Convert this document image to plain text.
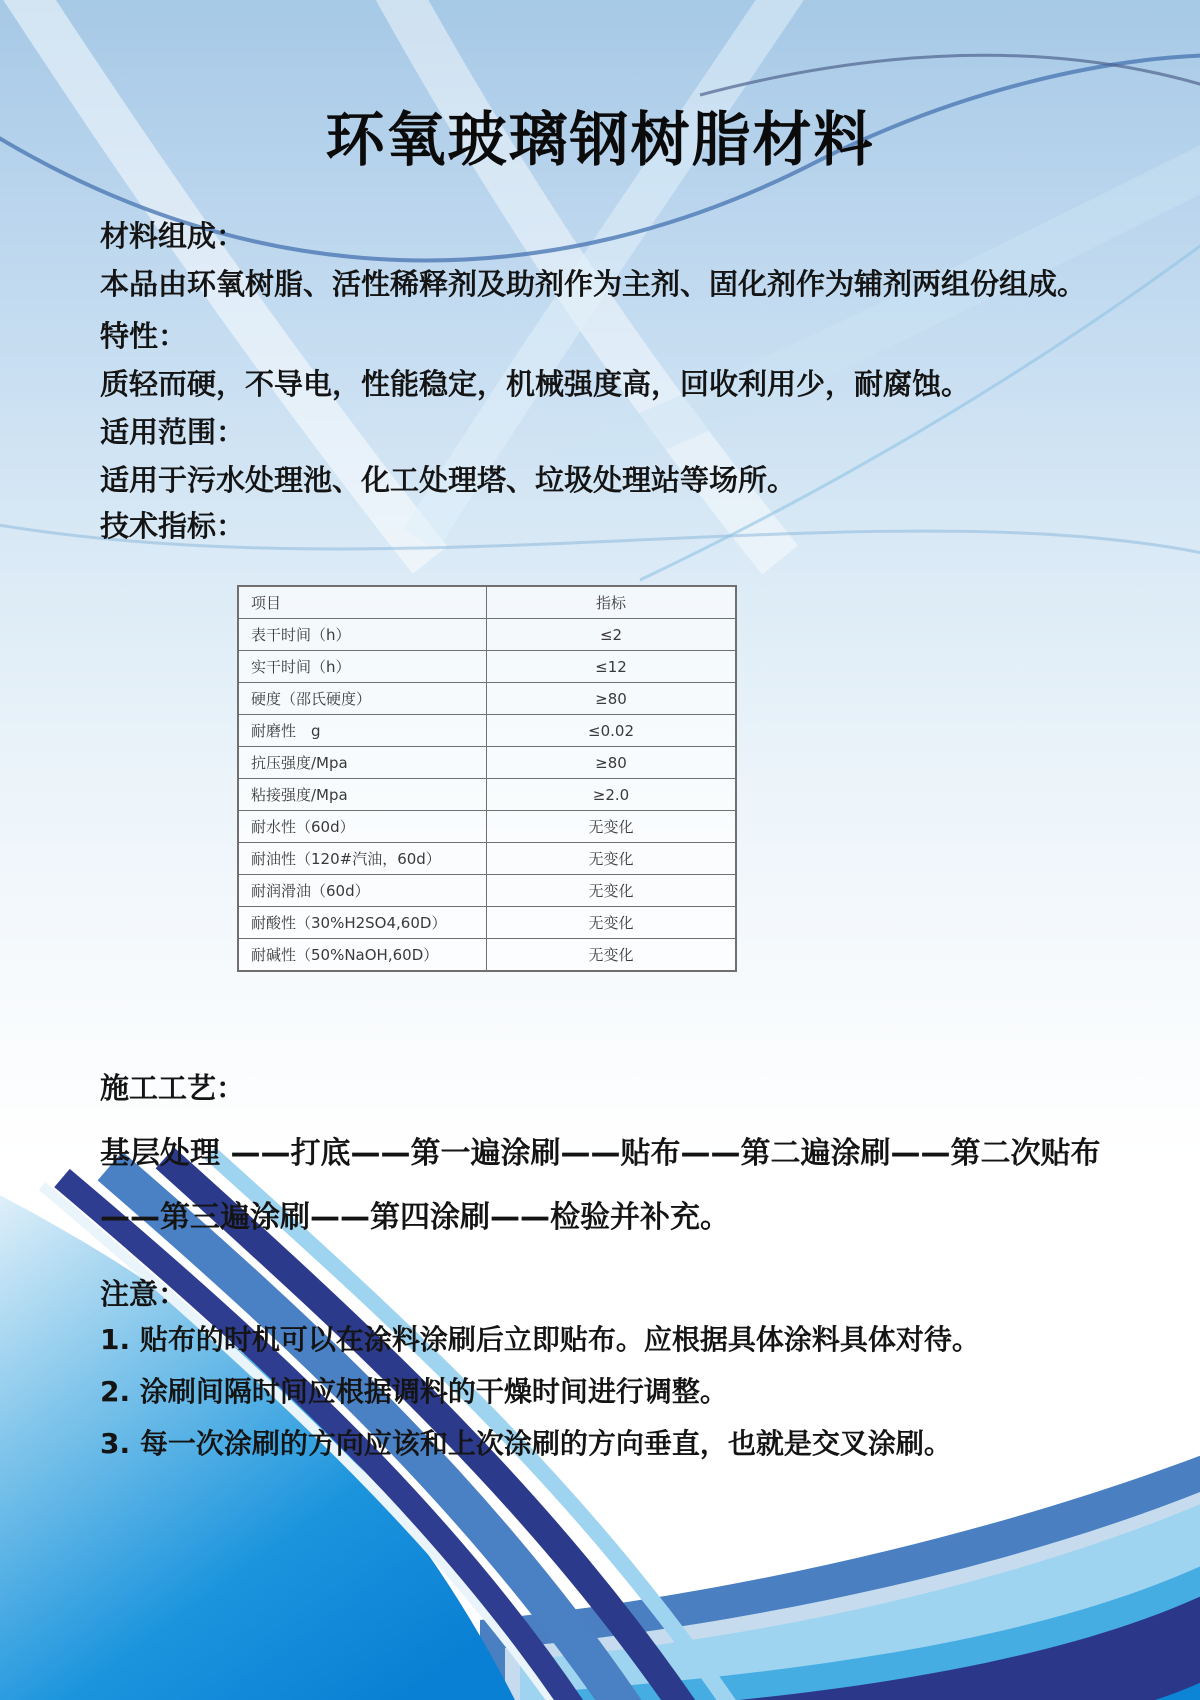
环氧玻璃钢树脂材料
材料组成：
本品由环氧树脂、活性稀释剂及助剂作为主剂、固化剂作为辅剂两组份组成。
特性：
质轻而硬，不导电，性能稳定，机械强度高，回收利用少，耐腐蚀。
适用范围：
适用于污水处理池、化工处理塔、垃圾处理站等场所。
技术指标：
项目	指标
表干时间（h）	≤2
实干时间（h）	≤12
硬度（邵氏硬度）	≥80
耐磨性　g	≤0.02
抗压强度/Mpa	≥80
粘接强度/Mpa	≥2.0
耐水性（60d）	无变化
耐油性（120#汽油，60d）	无变化
耐润滑油（60d）	无变化
耐酸性（30%H2SO4,60D）	无变化
耐碱性（50%NaOH,60D）	无变化
施工工艺：
基层处理 ——打底——第一遍涂刷——贴布——第二遍涂刷——第二次贴布——第三遍涂刷——第四涂刷——检验并补充。
注意：
1. 贴布的时机可以在涂料涂刷后立即贴布。应根据具体涂料具体对待。
2. 涂刷间隔时间应根据调料的干燥时间进行调整。
3. 每一次涂刷的方向应该和上次涂刷的方向垂直，也就是交叉涂刷。
